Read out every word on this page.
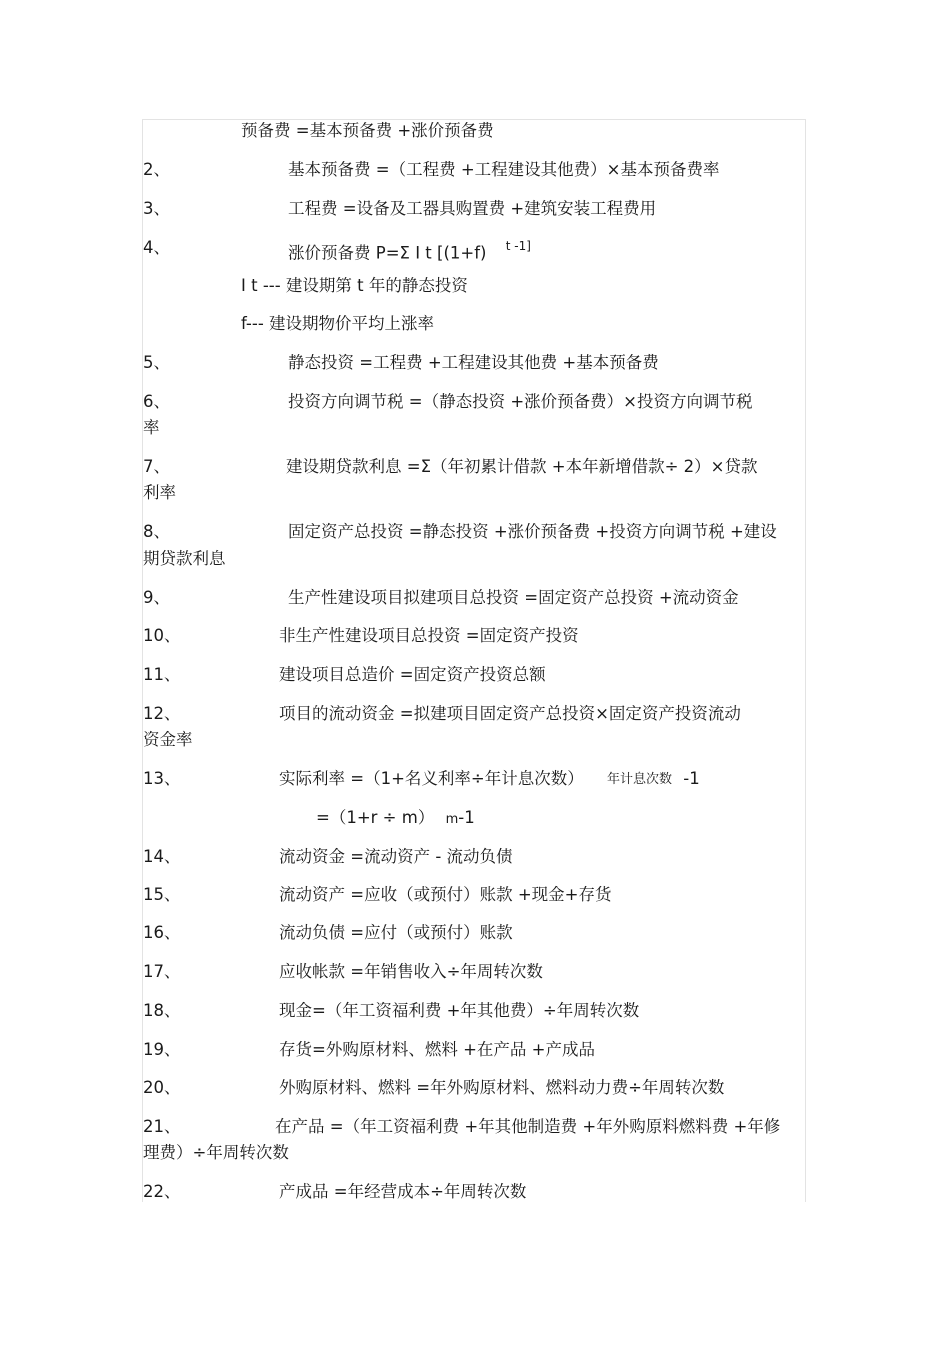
预备费 =基本预备费 +涨价预备费
2、	基本预备费 =（工程费 +工程建设其他费）×基本预备费率
3、	工程费 =设备及工器具购置费 +建筑安装工程费用
4、	涨价预备费 P=Σ I t [(1+f) $^{t -1]}$
I t --- 建设期第 t 年的静态投资
f--- 建设期物价平均上涨率
5、	静态投资 =工程费 +工程建设其他费 +基本预备费
6、	投资方向调节税 =（静态投资 +涨价预备费）×投资方向调节税
率
7、	建设期贷款利息 =Σ（年初累计借款 +本年新增借款÷ 2）×贷款
利率
8、	固定资产总投资 =静态投资 +涨价预备费 +投资方向调节税 +建设
期贷款利息
9、	生产性建设项目拟建项目总投资 =固定资产总投资 +流动资金
10、	非生产性建设项目总投资 =固定资产投资
11、	建设项目总造价 =固定资产投资总额
12、	项目的流动资金 =拟建项目固定资产总投资×固定资产投资流动
资金率
13、	实际利率 =（1+名义利率÷年计息次数） 年计息次数 -1
=（1+r ÷ m） m-1
14、	流动资金 =流动资产 - 流动负债
15、	流动资产 =应收（或预付）账款 +现金+存货
16、	流动负债 =应付（或预付）账款
17、	应收帐款 =年销售收入÷年周转次数
18、	现金=（年工资福利费 +年其他费）÷年周转次数
19、	存货=外购原材料、燃料 +在产品 +产成品
20、	外购原材料、燃料 =年外购原材料、燃料动力费÷年周转次数
21、	在产品 =（年工资福利费 +年其他制造费 +年外购原料燃料费 +年修
理费）÷年周转次数
22、	产成品 =年经营成本÷年周转次数
